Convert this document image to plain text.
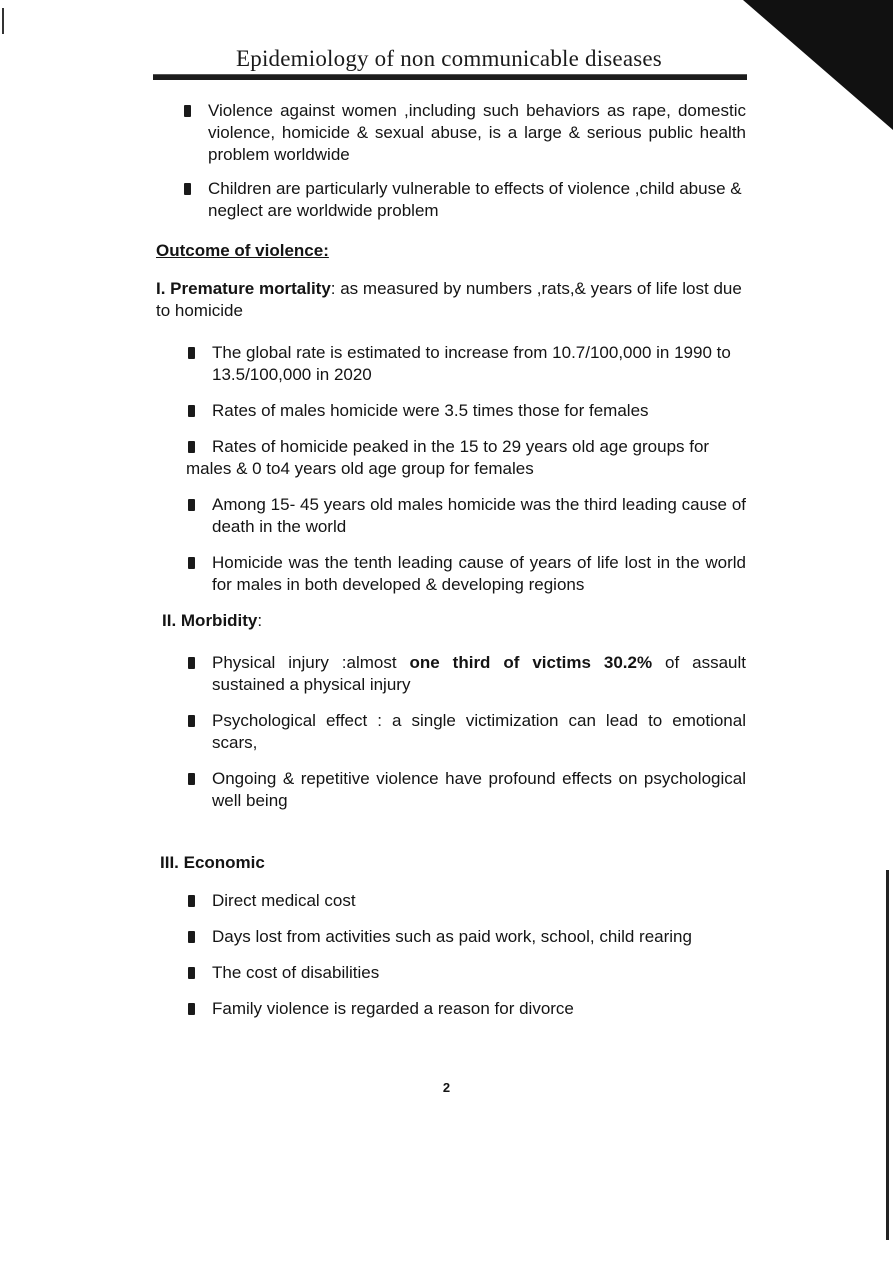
Epidemiology of non communicable diseases
Violence against women ,including such behaviors as rape, domestic violence, homicide & sexual abuse, is a large & serious public health problem worldwide
Children are particularly vulnerable to effects of violence ,child abuse & neglect are worldwide problem
Outcome of violence:
I. Premature mortality: as measured by numbers ,rats,& years of life lost due to homicide
The global rate is estimated to increase from 10.7/100,000 in 1990 to 13.5/100,000 in 2020
Rates of males homicide were 3.5 times those for females
Rates of homicide peaked in the 15 to 29 years old age groups for males & 0 to4 years old age group for females
Among 15- 45 years old males homicide was the third leading cause of death in the world
Homicide was the tenth leading cause of years of life lost in the world for males in both developed & developing regions
II. Morbidity:
Physical injury :almost one third of victims 30.2% of assault sustained a physical injury
Psychological effect : a single victimization can lead to emotional scars,
Ongoing & repetitive violence have profound effects on psychological well being
III. Economic
Direct medical cost
Days lost from activities such as paid work, school, child rearing
The cost of disabilities
Family violence is regarded a reason for divorce
2
